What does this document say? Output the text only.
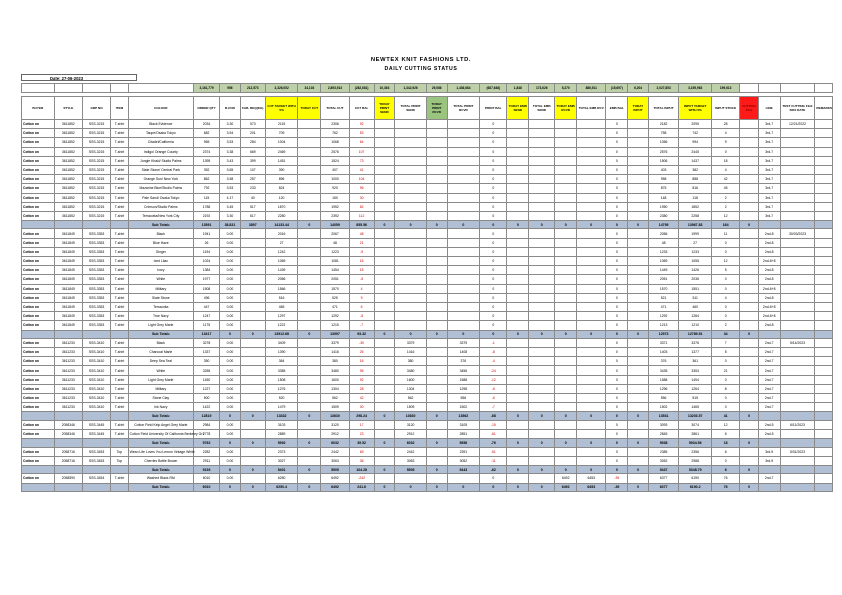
NEWTEX KNIT FASHIONS LTD.
DAILY CUTTING STATUS
Date: 27-06-2023
					3,161,779	956	212,573	3,326,052	24,103	2,893,913	(282,681)	10,363	1,342,926	29,086	1,436,684	(687,648)	1,848	173,626	5,270	886,911	(15,697)	6,204	2,027,853	3,195,963	199,613				

BUYER	STYLE	GRP NO	ITEM	COLOUR	ORDER QTY	B.CON	FAB. REQ(KG)	CUT TARGET WITH 5%	TODAY CUT	TOTAL CUT	CUT BAL	TODAY PRINT SEND	TOTAL PRINT SEND	TODAY PRINT RCVD	TOTAL PRINT RCVD	PRINT BAL	TODAY EMB SEND	TOTAL EMB SEND	TODAY EMB RCVD	TOTAL EMB RCV	EMB BAL	TODAY INPUT	TOTAL INPUT	INPUT TARGET WITH 5%	INPUT STOCK	CUTTING FILE	LINE	TEST CUTTING FILE BOX DATE	REMARKS
Cotton on	3611852	SSS-3215	T-shirt	Black Evidence	2034	3.30	573	2115		2306	92					0					0		2182	2095	28		3rd-7	12/21/2022	
Cotton on	3611852	SSS-3215	T-shirt	Taupe/Osaka Tokyo	682	3.54	201	709		762	53					0					0		758	742	4		3rd-7		
Cotton on	3611852	SSS-3215	T-shirt	Citadel/California	965	3.53	284	1004		1068	64					0					0		1056	994	9		3rd-7		
Cotton on	3611852	SSS-3215	T-shirt	Indigo/ Orange County	2374	3.38	669	2469		2576	107					0					0		2576	2445	0		3rd-7		
Cotton on	3611852	SSS-3215	T-shirt	Jungle Khaki/ Studio Palms	1395	3.43	399	1451		1524	73					0					0		1506	1437	18		3rd-7		
Cotton on	3611852	SSS-3215	T-shirt	Slate Stone/ Central Park	392	3.65	107	390		407	41					0					0		403	382	4		3rd-7		
Cotton on	3611852	SSS-3215	T-shirt	Orange Sun/ New York	862	3.58	257	896		1000	104					0					0		958	888	42		3rd-7		
Cotton on	3611852	SSS-3215	T-shirt	Mazarine Blue/Studio Palms	792	3.53	233	824		920	96					0					0		875	816	45		3rd-7		
Cotton on	3611852	SSS-3215	T-shirt	Pale Sand/ Osaka Tokyo	115	4.17	40	120		150	30					0					0		148	118	2		3rd-7		
Cotton on	3611852	SSS-3215	T-shirt	Crimson/Studio Palms	1788	3.45	517	1870		1952	82					0					0		1950	1852	2		3rd-7		
Cotton on	3611852	SSS-3215	T-shirt	Terracotta/New York City	2192	3.30	617	2280		2392	112					0					0		2380	2258	12		3rd-7		
				Sub Total=	13591	38.831	3897	14133.44	0	14059	855.56	0	0	0	0	0	0	0	0	0	0	0	14795	13967.83	164	0			
Cotton on	3611849	SSS-3353	T-shirt	Black	1941	0.00		2016		2067	48					0					0		2056	1999	11		2nd-8	30/03/2023	
Cotton on	3611849	SSS-3353	T-shirt	Blue Haze	26	0.00		27		48	21					0					0		48	27	0		2nd-8		
Cotton on	3611849	SSS-3353	T-shirt	Ginger	1194	0.00		1242		1223	-9					0					0		1233	1233	0		2nd-8		
Cotton on	3611849	SSS-3353	T-shirt	Iced Lilac	1024	0.00		1065		1081	16					0					0		1069	1055	12		2nd-6+8		
Cotton on	3611849	SSS-3353	T-shirt	Ivory	1384	0.00		1439		1454	15					0					0		1449	1426	5		2nd-8		
Cotton on	3611849	SSS-3353	T-shirt	White	1977	0.00		2056		2051	-5					0					0		2051	2036	0		2nd-8		
Cotton on	3611849	SSS-3353	T-shirt	Military	1508	0.00		1566		1570	4					0					0		1570	1551	0		2nd-6+8		
Cotton on	3611849	SSS-3353	T-shirt	Slate Stone	496	0.00		516		525	9					0					0		521	511	4		2nd-8		
Cotton on	3611849	SSS-3353	T-shirt	Terracotta	447	0.00		465		471	6					0					0		471	460	0		2nd-6+8		
Cotton on	3611849	SSS-3353	T-shirt	True Navy	1247	0.00		1297		1292	-5					0					0		1292	1284	0		2nd-6+8		
Cotton on	3611849	SSS-3353	T-shirt	Light Grey Marle	1175	0.00		1222		1215	-7					0					0		1213	1210	2		2nd-8		
				Sub Total=	13417	0	0	13912.68	0	13997	93.32	0	0	0	0	0	0	0	0	0	0	0	12973	12789.51	34	0			
Cotton on	3611233	SSS-3410	T-shirt	Black	3278	0.00		3409		3379	-30		3379		3379	-1					0		3371	3376	7		2nd-7	5/14/2023	
Cotton on	3611233	SSS-3410	T-shirt	Charcoal Marle	1337	0.00		1390		1416	26		1416		1408	-8					0		1403	1377	5		2nd-7		
Cotton on	3611233	SSS-3410	T-shirt	Deep Sea Teal	350	0.00		364		380	16		380		376	-4					0		376	361	0		2nd-7		
Cotton on	3611233	SSS-3410	T-shirt	White	3255	0.00		3385		3480	95		3480		3456	-24					0		3435	3353	21		2nd-7		
Cotton on	3611233	SSS-3410	T-shirt	Light Grey Marle	1450	0.00		1508		1600	92		1600		1588	-12					0		1588	1494	0		2nd-7		
Cotton on	3611233	SSS-3410	T-shirt	Military	1227	0.00		1276		1304	28		1304		1298	-6					0		1296	1264	8		2nd-7		
Cotton on	3611233	SSS-3410	T-shirt	Stone Clay	500	0.00		520		562	42		562		556	-6					0		556	515	0		2nd-7		
Cotton on	3611233	SSS-3410	T-shirt	Ink Navy	1422	0.00		1479		1509	30		1509		1502	-7					0		1502	1465	0		2nd-7		
				Sub Total=	12819	0	0	13332	0	13630	298.24	0	13630	0	13562	-68	0	0	0	0	0	0	13531	13203.57	41	0			
Cotton on	2058346	SSS-3445	T-shirt	Cotton Field Kelp Angel Grey Marle	2984	0.00		3103		3120	17		3120		3105	-15					0		3093	3074	12		2nd-5	6/11/2023	
Cotton on	2058346	SSS-3445	T-shirt	Cotton Field University Of California Berkeley Gr1	2778	0.00		2889		2912	23		2912		2851	-61					0		2845	2861	6		2nd-5		
				Sub Total=	5762	0	0	5992	0	6032	39.52	0	6032	0	5956	-76	0	0	0	0	0	0	5938	5934.56	18	0			
Cotton on	2058716	SSS-3453	Top	Wean Life Loves You Lemon Vintage White	2282	0.00		2373		2442	69		2442		2391	-51					0		2385	2356	6		3rd-9	5/31/2023	
Cotton on	2058716	SSS-3453	Top	Cherries Bottle Brown	2911	0.00		3027		3063	36		3063		3052	-11					0		3052	2988	0		3rd-9		
				Sub Total=	5193	0	0	5401	0	5505	104.28	0	5505	0	5443	-62	0	0	0	0	0	0	5437	5348.79	6	0			
Cotton on	2058590	SSS-3454	T-shirt	Washed Black-Rfd	6010	0.00		6250		6492	-242					0			6492	6453	-39		6377	6190	76		2nd-7		
				Sub Total=	6010	0	0	6250.4	0	6492	241.6	0	0	0	0	0	0	0	6492	6453	-39	0	6377	6190.2	76	0			
